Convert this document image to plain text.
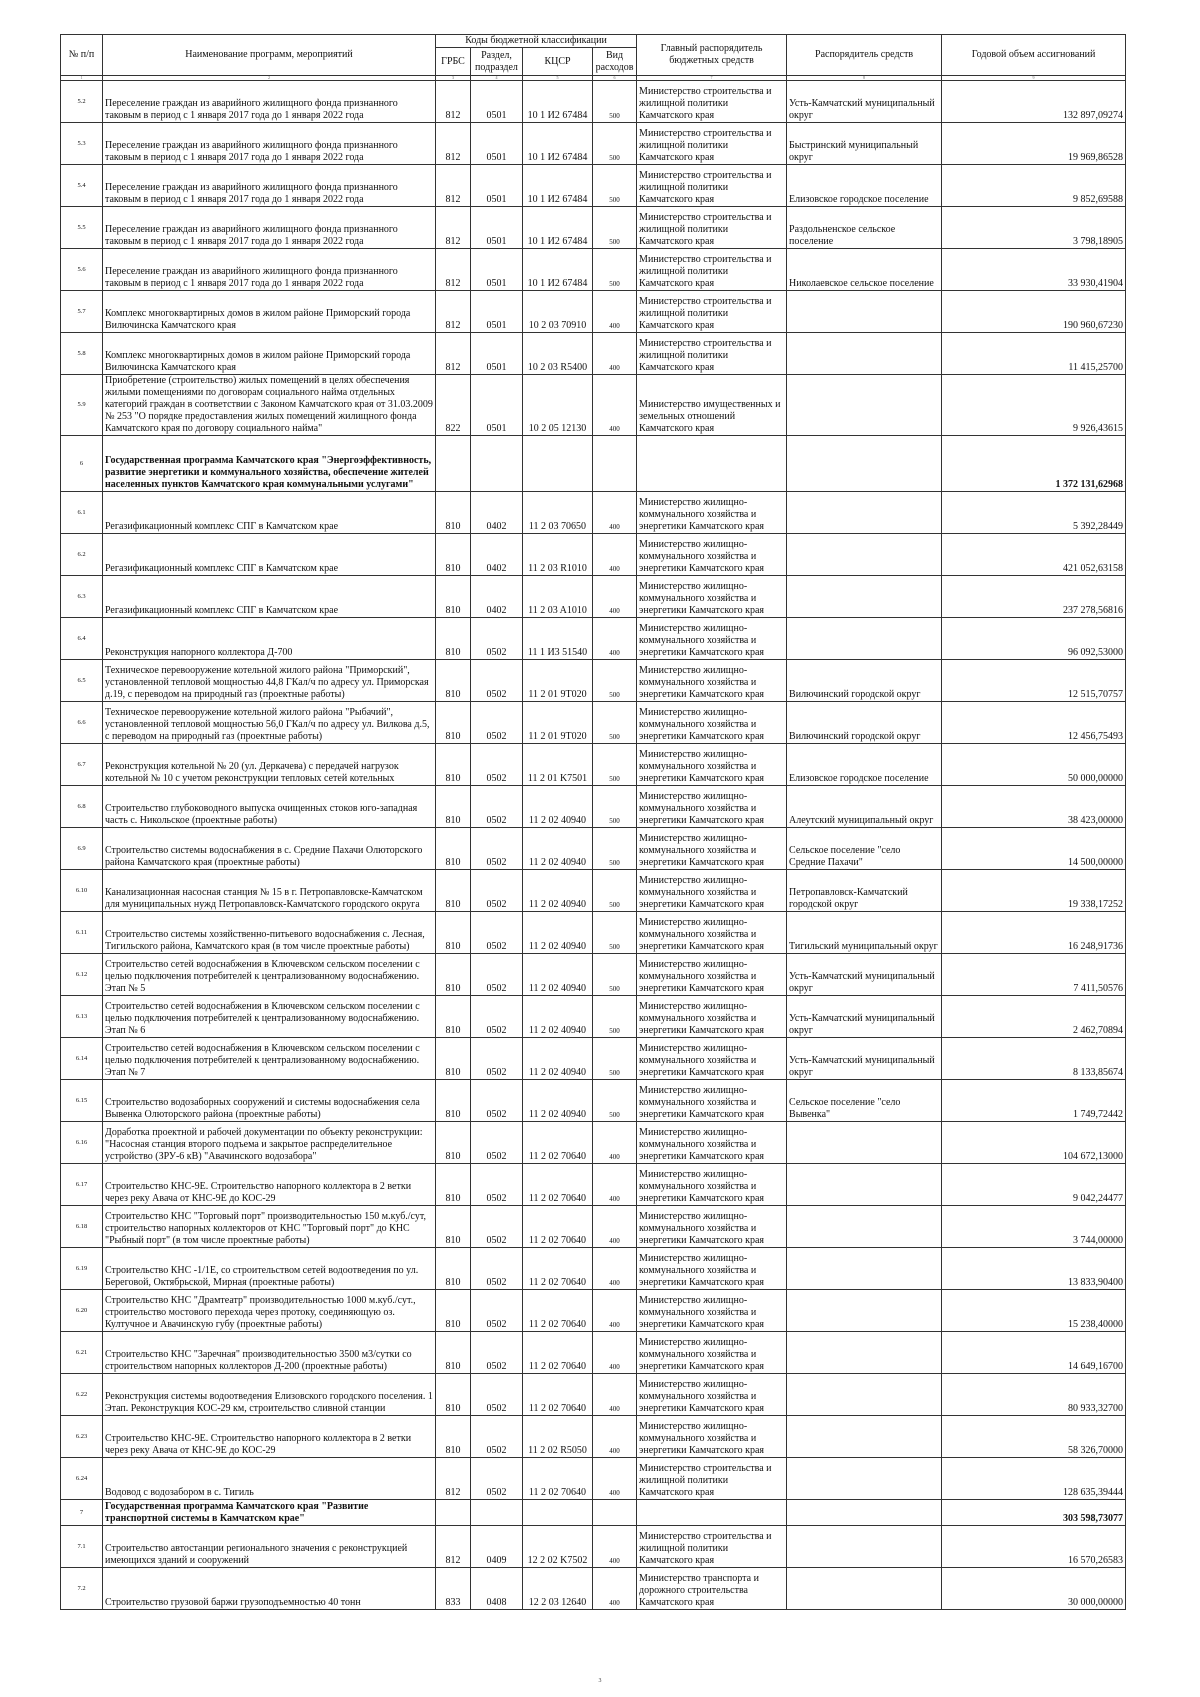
№ п/п	Наименование программ, мероприятий	Коды бюджетной классификации				Главный распорядитель бюджетных средств	Распорядитель средств	Годовой объем ассигнований
		ГРБС	Раздел, подраздел	КЦСР	Вид расходов			
1	2	3	4	5	6	7	8	9
5.2	Переселение граждан из аварийного жилищного фонда признанного таковым в период с 1 января 2017 года до 1 января 2022 года	812	0501	10 1 И2 67484	500	Министерство строительства и жилищной политики Камчатского края	Усть-Камчатский муниципальный округ	132 897,09274
5.3	Переселение граждан из аварийного жилищного фонда признанного таковым в период с 1 января 2017 года до 1 января 2022 года	812	0501	10 1 И2 67484	500	Министерство строительства и жилищной политики Камчатского края	Быстринский муниципальный округ	19 969,86528
5.4	Переселение граждан из аварийного жилищного фонда признанного таковым в период с 1 января 2017 года до 1 января 2022 года	812	0501	10 1 И2 67484	500	Министерство строительства и жилищной политики Камчатского края	Елизовское городское поселение	9 852,69588
5.5	Переселение граждан из аварийного жилищного фонда признанного таковым в период с 1 января 2017 года до 1 января 2022 года	812	0501	10 1 И2 67484	500	Министерство строительства и жилищной политики Камчатского края	Раздольненское сельское поселение	3 798,18905
5.6	Переселение граждан из аварийного жилищного фонда признанного таковым в период с 1 января 2017 года до 1 января 2022 года	812	0501	10 1 И2 67484	500	Министерство строительства и жилищной политики Камчатского края	Николаевское сельское поселение	33 930,41904
5.7	Комплекс многоквартирных домов в жилом районе Приморский города Вилючинска Камчатского края	812	0501	10 2 03 70910	400	Министерство строительства и жилищной политики Камчатского края		190 960,67230
5.8	Комплекс многоквартирных домов в жилом районе Приморский города Вилючинска Камчатского края	812	0501	10 2 03 R5400	400	Министерство строительства и жилищной политики Камчатского края		11 415,25700
5.9	Приобретение (строительство) жилых помещений в целях обеспечения жилыми помещениями по договорам социального найма отдельных категорий граждан в соответствии с Законом Камчатского края от 31.03.2009 № 253 "О порядке предоставления жилых помещений жилищного фонда Камчатского края по договору социального найма"	822	0501	10 2 05 12130	400	Министерство имущественных и земельных отношений Камчатского края		9 926,43615
6	Государственная программа Камчатского края "Энергоэффективность, развитие энергетики и коммунального хозяйства, обеспечение жителей населенных пунктов Камчатского края коммунальными услугами"							1 372 131,62968
6.1	Регазификационный комплекс СПГ в Камчатском крае	810	0402	11 2 03 70650	400	Министерство жилищно-коммунального хозяйства и энергетики Камчатского края		5 392,28449
6.2	Регазификационный комплекс СПГ в Камчатском крае	810	0402	11 2 03 R1010	400	Министерство жилищно-коммунального хозяйства и энергетики Камчатского края		421 052,63158
6.3	Регазификационный комплекс СПГ в Камчатском крае	810	0402	11 2 03 A1010	400	Министерство жилищно-коммунального хозяйства и энергетики Камчатского края		237 278,56816
6.4	Реконструкция напорного коллектора Д-700	810	0502	11 1 И3 51540	400	Министерство жилищно-коммунального хозяйства и энергетики Камчатского края		96 092,53000
6.5	Техническое перевооружение котельной жилого района "Приморский", установленной тепловой мощностью 44,8 ГКал/ч по адресу ул. Приморская д.19, с переводом на природный газ (проектные работы)	810	0502	11 2 01 9Т020	500	Министерство жилищно-коммунального хозяйства и энергетики Камчатского края	Вилючинский городской округ	12 515,70757
6.6	Техническое перевооружение котельной жилого района "Рыбачий", установленной тепловой мощностью 56,0 ГКал/ч по адресу ул. Вилкова д.5, с переводом на природный газ (проектные работы)	810	0502	11 2 01 9Т020	500	Министерство жилищно-коммунального хозяйства и энергетики Камчатского края	Вилючинский городской округ	12 456,75493
6.7	Реконструкция котельной № 20 (ул. Деркачева) с передачей нагрузок котельной № 10 с учетом реконструкции тепловых сетей котельных	810	0502	11 2 01 K7501	500	Министерство жилищно-коммунального хозяйства и энергетики Камчатского края	Елизовское городское поселение	50 000,00000
6.8	Строительство глубоководного выпуска очищенных стоков юго-западная часть с. Никольское (проектные работы)	810	0502	11 2 02 40940	500	Министерство жилищно-коммунального хозяйства и энергетики Камчатского края	Алеутский муниципальный округ	38 423,00000
6.9	Строительство системы водоснабжения в с. Средние Пахачи Олюторского района Камчатского края (проектные работы)	810	0502	11 2 02 40940	500	Министерство жилищно-коммунального хозяйства и энергетики Камчатского края	Сельское поселение "село Средние Пахачи"	14 500,00000
6.10	Канализационная насосная станция № 15 в г. Петропавловске-Камчатском для муниципальных нужд Петропавловск-Камчатского городского округа	810	0502	11 2 02 40940	500	Министерство жилищно-коммунального хозяйства и энергетики Камчатского края	Петропавловск-Камчатский городской округ	19 338,17252
6.11	Строительство системы хозяйственно-питьевого водоснабжения с. Лесная, Тигильского района, Камчатского края (в том числе проектные работы)	810	0502	11 2 02 40940	500	Министерство жилищно-коммунального хозяйства и энергетики Камчатского края	Тигильский муниципальный округ	16 248,91736
6.12	Строительство сетей водоснабжения в Ключевском сельском поселении с целью подключения потребителей к централизованному водоснабжению. Этап № 5	810	0502	11 2 02 40940	500	Министерство жилищно-коммунального хозяйства и энергетики Камчатского края	Усть-Камчатский муниципальный округ	7 411,50576
6.13	Строительство сетей водоснабжения в Ключевском сельском поселении с целью подключения потребителей к централизованному водоснабжению. Этап № 6	810	0502	11 2 02 40940	500	Министерство жилищно-коммунального хозяйства и энергетики Камчатского края	Усть-Камчатский муниципальный округ	2 462,70894
6.14	Строительство сетей водоснабжения в Ключевском сельском поселении с целью подключения потребителей к централизованному водоснабжению. Этап № 7	810	0502	11 2 02 40940	500	Министерство жилищно-коммунального хозяйства и энергетики Камчатского края	Усть-Камчатский муниципальный округ	8 133,85674
6.15	Строительство водозаборных сооружений и системы водоснабжения села Вывенка Олюторского района (проектные работы)	810	0502	11 2 02 40940	500	Министерство жилищно-коммунального хозяйства и энергетики Камчатского края	Сельское поселение "село Вывенка"	1 749,72442
6.16	Доработка проектной и рабочей документации по объекту реконструкции: "Насосная станция второго подъема и закрытое распределительное устройство (ЗРУ-6 кВ) "Авачинского водозабора"	810	0502	11 2 02 70640	400	Министерство жилищно-коммунального хозяйства и энергетики Камчатского края		104 672,13000
6.17	Строительство КНС-9Е. Строительство напорного коллектора в 2 ветки через реку Авача от КНС-9Е до КОС-29	810	0502	11 2 02 70640	400	Министерство жилищно-коммунального хозяйства и энергетики Камчатского края		9 042,24477
6.18	Строительство КНС "Торговый порт" производительностью 150 м.куб./сут, строительство напорных коллекторов от КНС "Торговый порт" до КНС "Рыбный порт" (в том числе проектные работы)	810	0502	11 2 02 70640	400	Министерство жилищно-коммунального хозяйства и энергетики Камчатского края		3 744,00000
6.19	Строительство КНС -1/1Е, со строительством сетей водоотведения по ул. Береговой, Октябрьской, Мирная (проектные работы)	810	0502	11 2 02 70640	400	Министерство жилищно-коммунального хозяйства и энергетики Камчатского края		13 833,90400
6.20	Строительство КНС "Драмтеатр" производительностью 1000 м.куб./сут., строительство мостового перехода через протоку, соединяющую оз. Култучное и Авачинскую губу (проектные работы)	810	0502	11 2 02 70640	400	Министерство жилищно-коммунального хозяйства и энергетики Камчатского края		15 238,40000
6.21	Строительство КНС "Заречная" производительностью 3500 м3/сутки со строительством напорных коллекторов Д-200 (проектные работы)	810	0502	11 2 02 70640	400	Министерство жилищно-коммунального хозяйства и энергетики Камчатского края		14 649,16700
6.22	Реконструкция системы водоотведения Елизовского городского поселения. 1 Этап. Реконструкция КОС-29 км, строительство сливной станции	810	0502	11 2 02 70640	400	Министерство жилищно-коммунального хозяйства и энергетики Камчатского края		80 933,32700
6.23	Строительство КНС-9Е. Строительство напорного коллектора в 2 ветки через реку Авача от КНС-9Е до КОС-29	810	0502	11 2 02 R5050	400	Министерство жилищно-коммунального хозяйства и энергетики Камчатского края		58 326,70000
6.24	Водовод с водозабором в с. Тигиль	812	0502	11 2 02 70640	400	Министерство строительства и жилищной политики Камчатского края		128 635,39444
7	Государственная программа Камчатского края "Развитие транспортной системы в Камчатском крае"							303 598,73077
7.1	Строительство автостанции регионального значения с реконструкцией имеющихся зданий и сооружений	812	0409	12 2 02 K7502	400	Министерство строительства и жилищной политики Камчатского края		16 570,26583
7.2	Строительство грузовой баржи грузоподъемностью 40 тонн	833	0408	12 2 03 12640	400	Министерство транспорта и дорожного строительства Камчатского края		30 000,00000
3
